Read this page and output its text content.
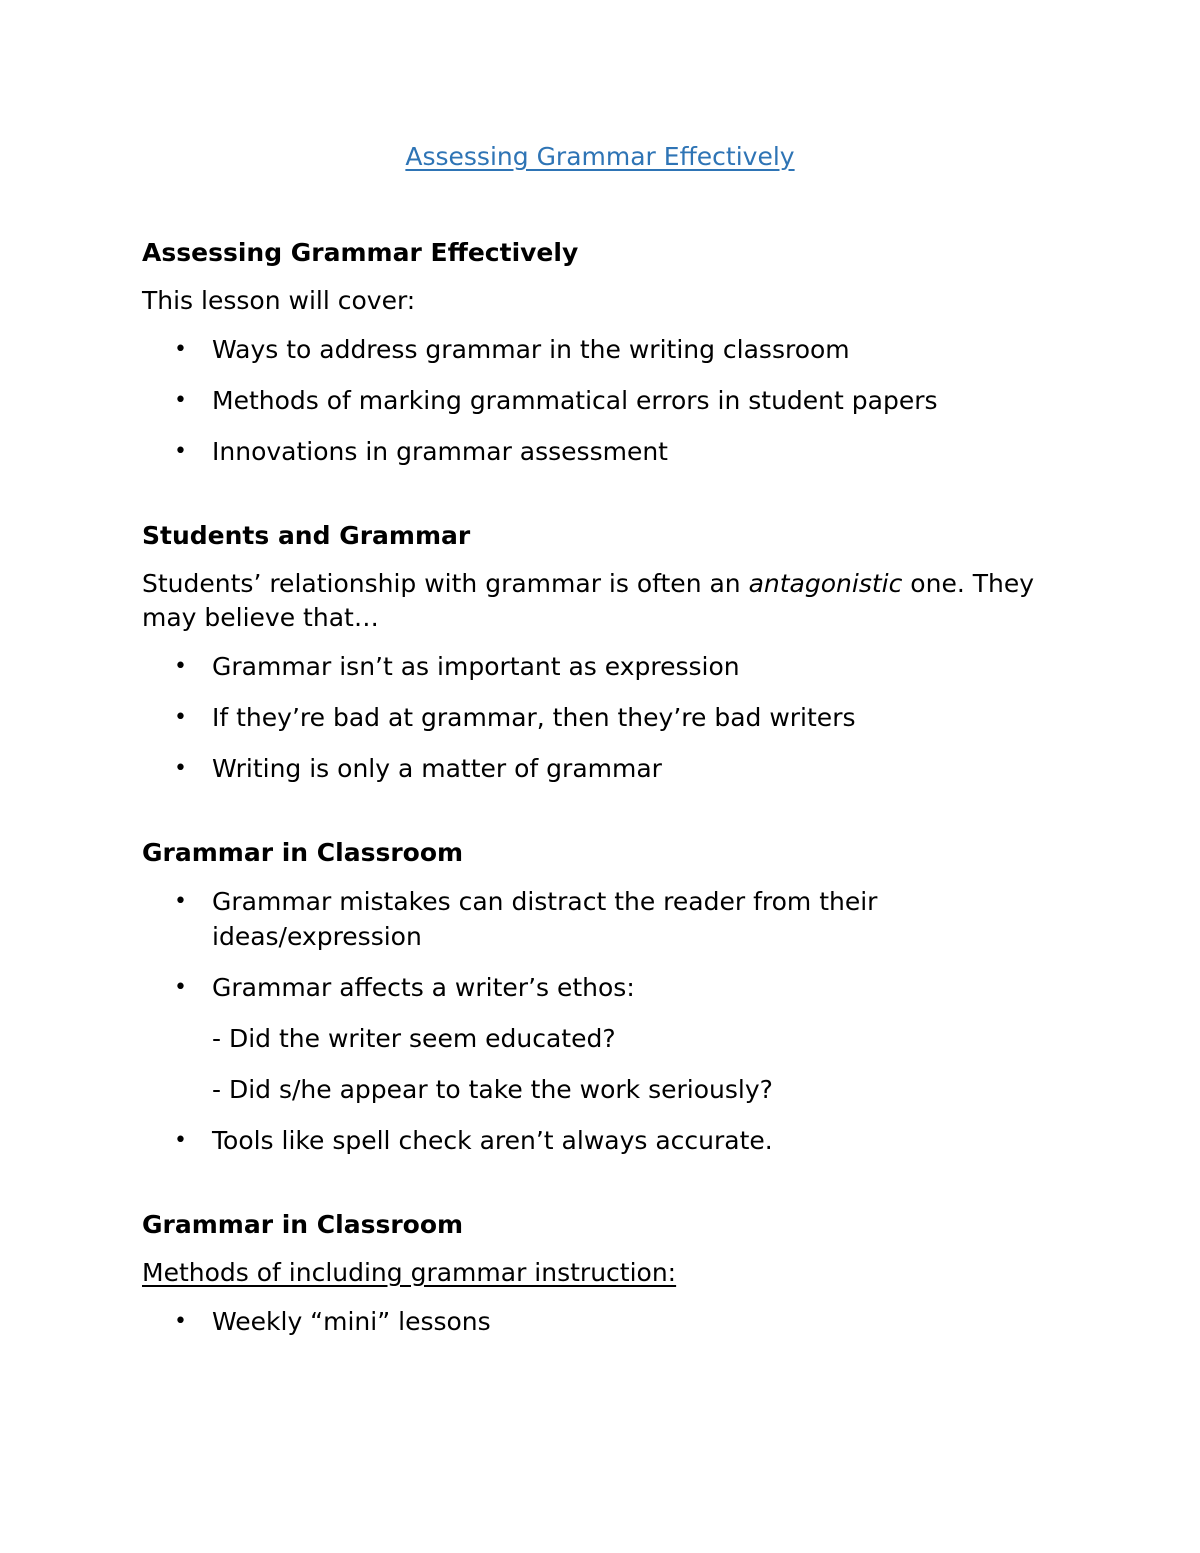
Assessing Grammar Effectively
Assessing Grammar Effectively

This lesson will cover:

• Ways to address grammar in the writing classroom
• Methods of marking grammatical errors in student papers
• Innovations in grammar assessment
Students and Grammar

Students’ relationship with grammar is often an antagonistic one. They may believe that…

• Grammar isn’t as important as expression
• If they’re bad at grammar, then they’re bad writers
• Writing is only a matter of grammar
Grammar in Classroom
• Grammar mistakes can distract the reader from their ideas/expression
• Grammar affects a writer’s ethos:
- Did the writer seem educated?
- Did s/he appear to take the work seriously?
• Tools like spell check aren’t always accurate.
Grammar in Classroom

Methods of including grammar instruction:

• Weekly “mini” lessons
